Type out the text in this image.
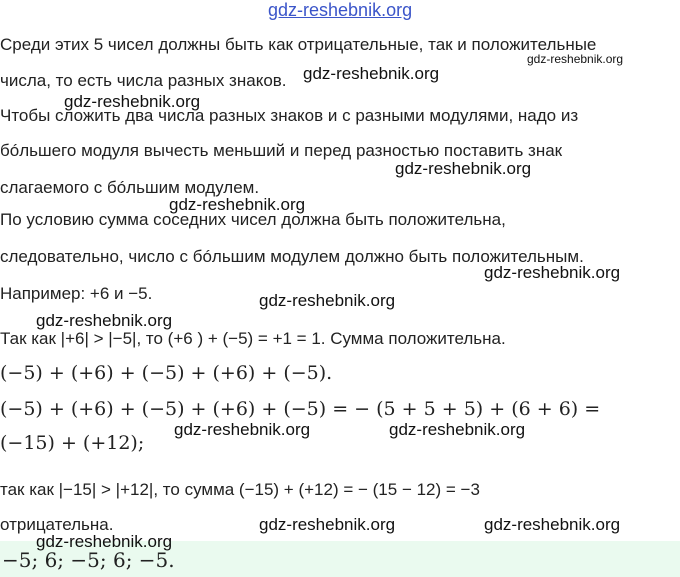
−5; 6; −5; 6; −5.
gdz-reshebnik.org
Среди этих 5 чисел должны быть как отрицательные, так и положительные
числа, то есть числа разных знаков.
Чтобы сложить два числа разных знаков и с разными модулями, надо из
бóльшего модуля вычесть меньший и перед разностью поставить знак
слагаемого с бóльшим модулем.
По условию сумма соседних чисел должна быть положительна,
следовательно, число с бóльшим модулем должно быть положительным.
Например: +6 и −5.
Так как |+6| > |−5|, то (+6 ) + (−5) = +1 = 1. Сумма положительна.
(−5) + (+6) + (−5) + (+6) + (−5).
(−5) + (+6) + (−5) + (+6) + (−5) = − (5 + 5 + 5) + (6 + 6) =
(−15) + (+12);
так как |−15| > |+12|, то сумма (−15) + (+12) = − (15 − 12) = −3
отрицательна.
gdz-reshebnik.org
gdz-reshebnik.org
gdz-reshebnik.org
gdz-reshebnik.org
gdz-reshebnik.org
gdz-reshebnik.org
gdz-reshebnik.org
gdz-reshebnik.org
gdz-reshebnik.org	gdz-reshebnik.org
gdz-reshebnik.org	gdz-reshebnik.org
gdz-reshebnik.org
